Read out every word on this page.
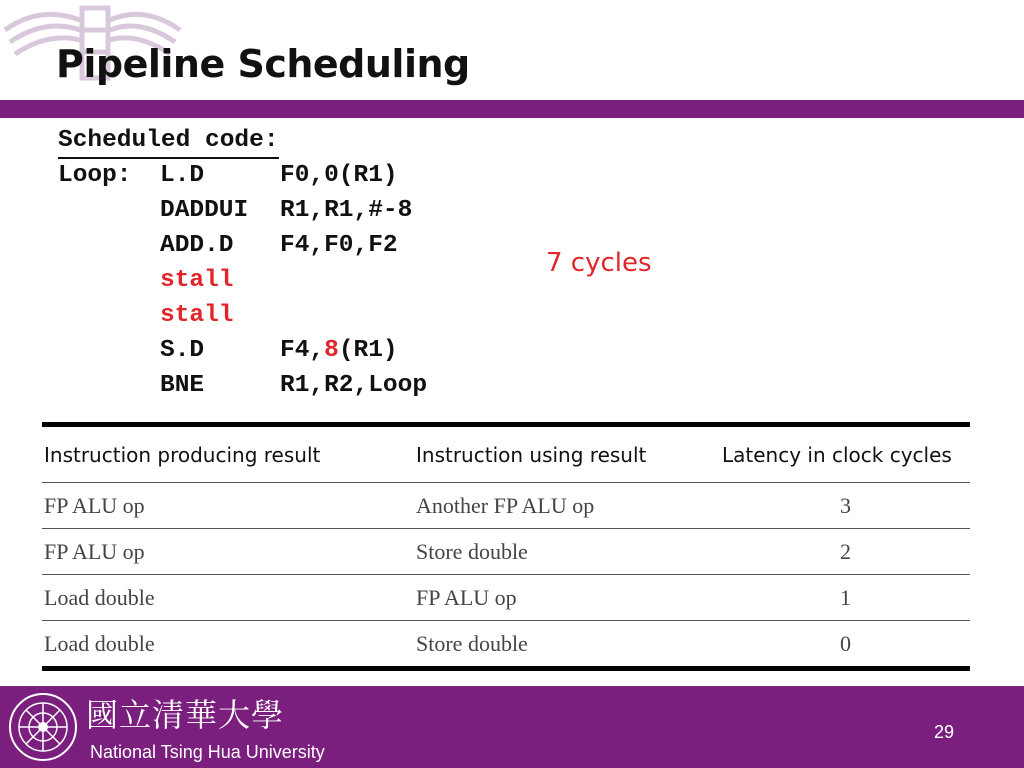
Pipeline Scheduling
Scheduled code:
Loop: L.D	F0,0(R1)
DADDUI R1,R1,#-8
ADD.D F4,F0,F2
stall
stall
S.D	F4,8(R1)
BNE	R1,R2,Loop
7 cycles
Instruction producing result	Instruction using result	Latency in clock cycles
FP ALU op	Another FP ALU op	3
FP ALU op	Store double	2
Load double	FP ALU op	1
Load double	Store double	0
國立清華大學
National Tsing Hua University
29
